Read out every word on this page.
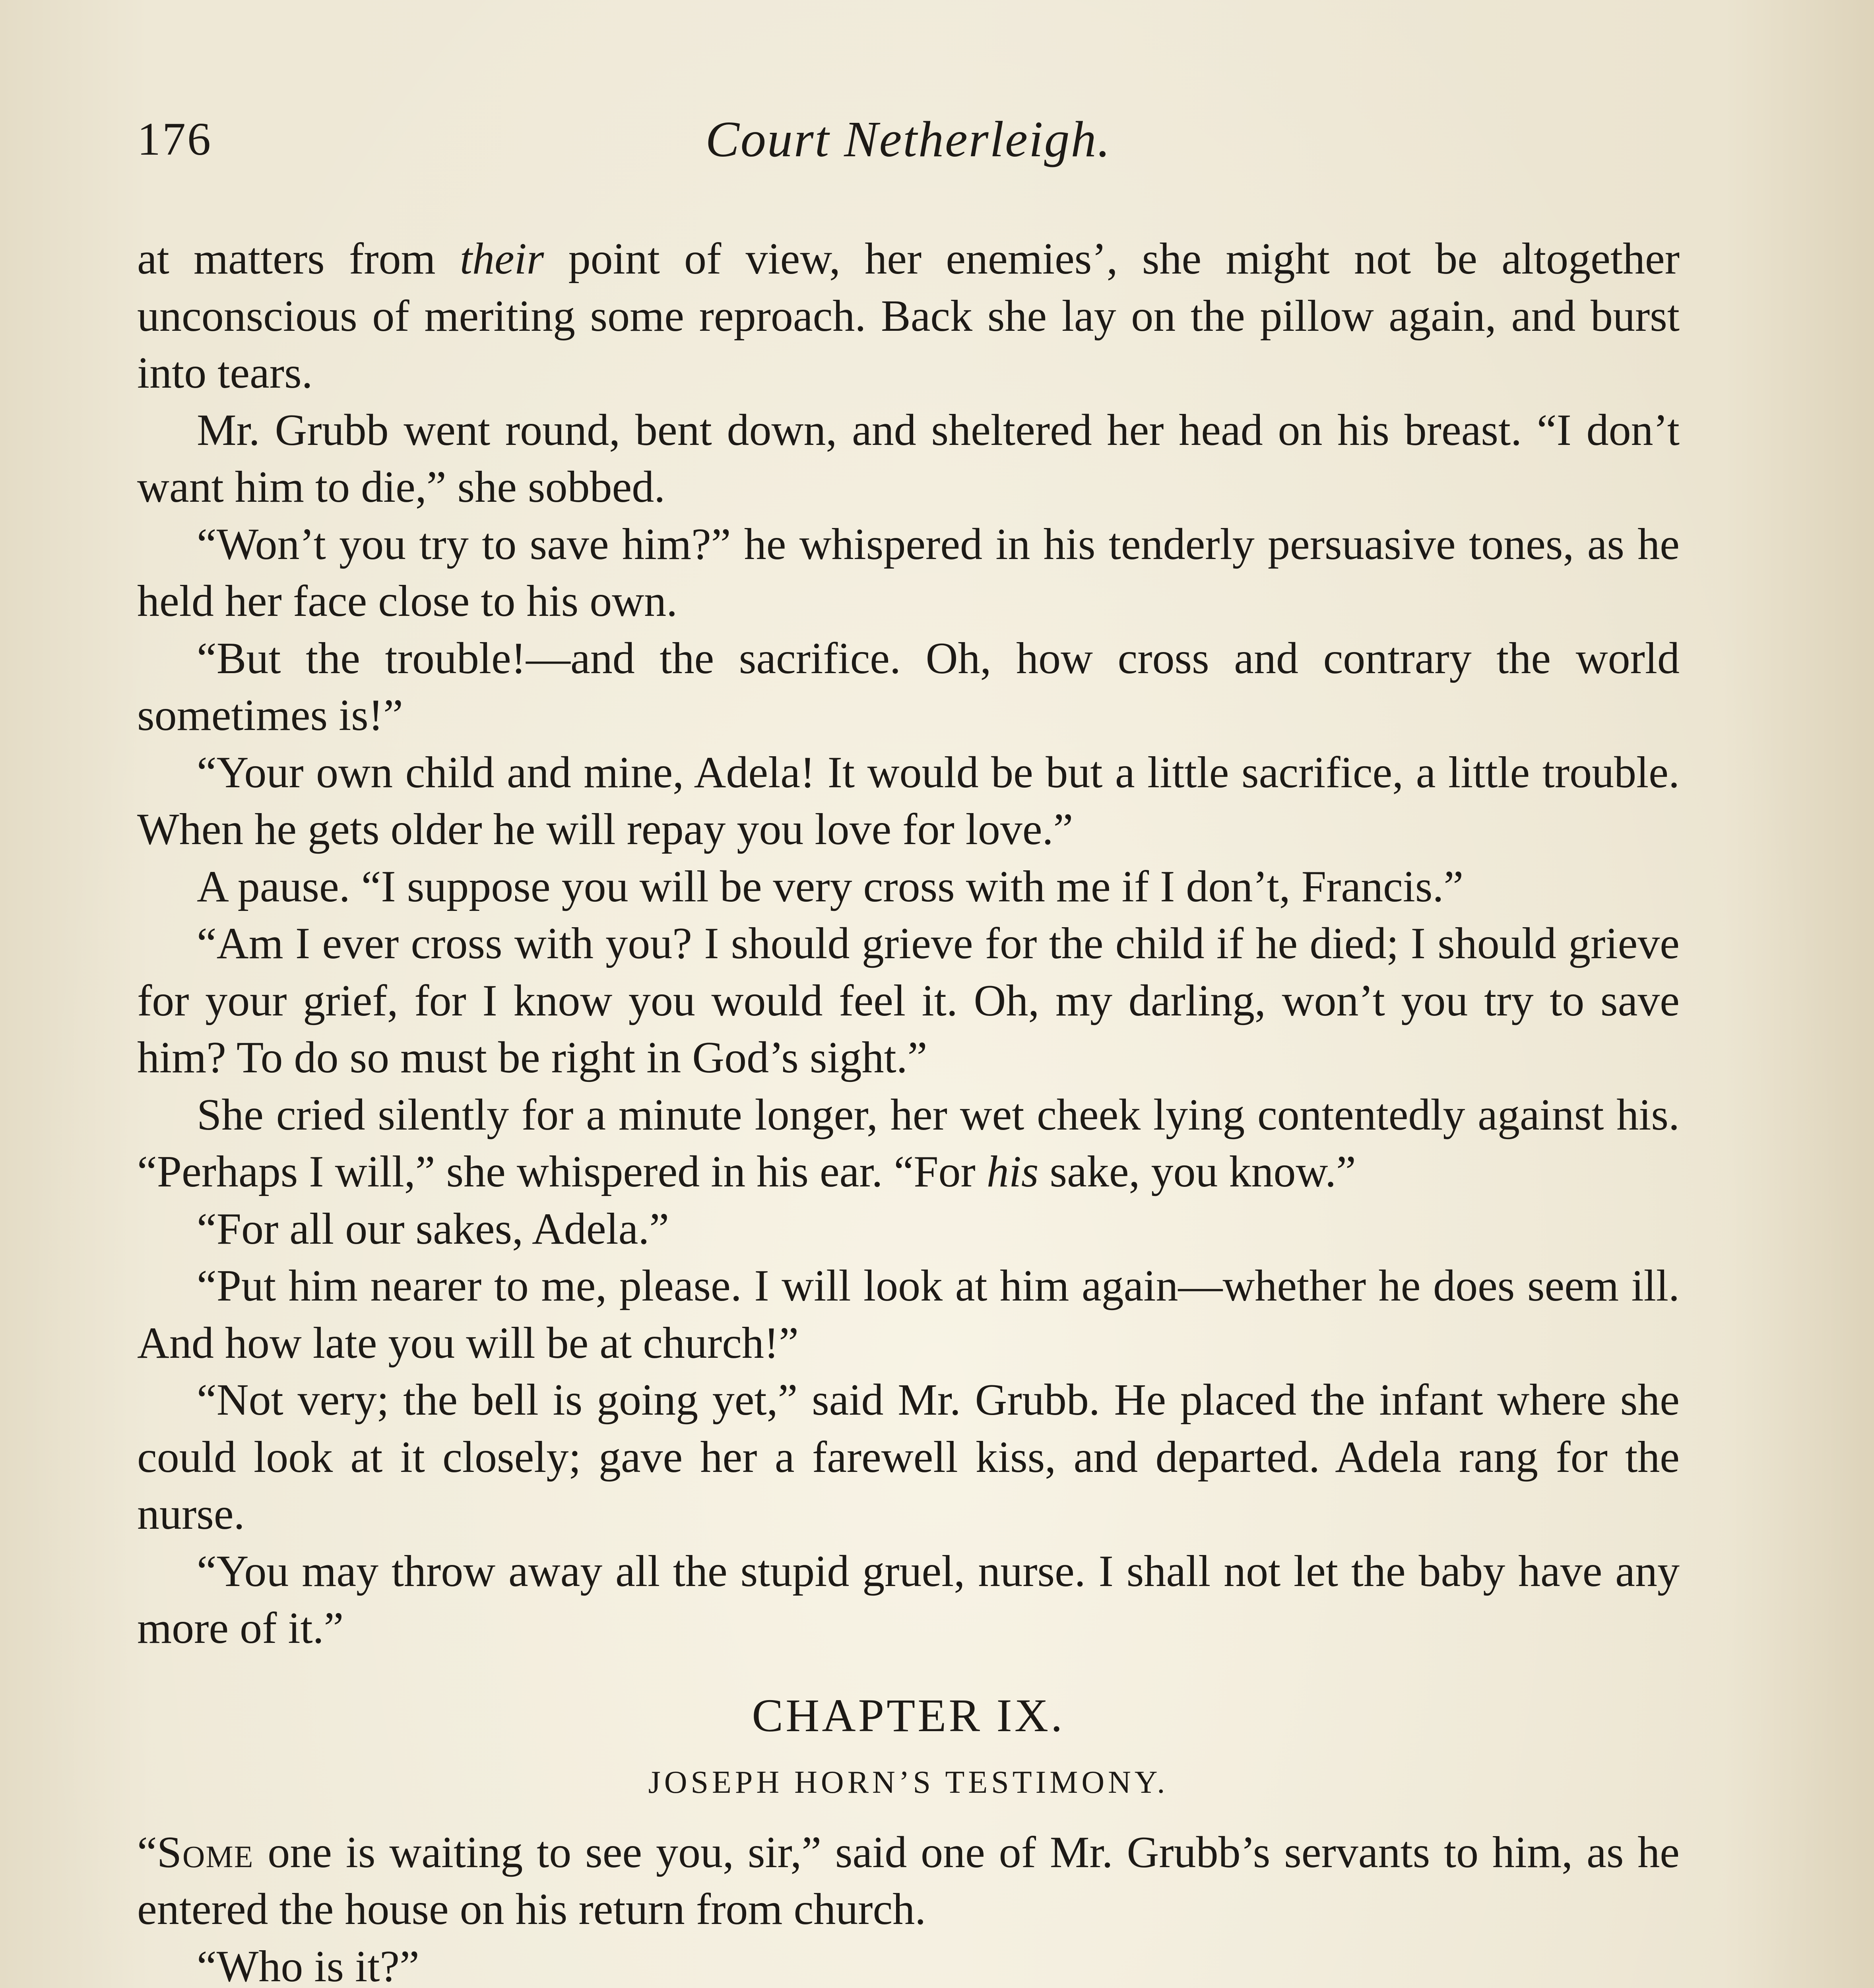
176	Court Netherleigh.

at matters from their point of view, her enemies’, she might not be altogether unconscious of meriting some reproach. Back she lay on the pillow again, and burst into tears.

Mr. Grubb went round, bent down, and sheltered her head on his breast. “I don’t want him to die,” she sobbed.

“Won’t you try to save him?” he whispered in his tenderly persuasive tones, as he held her face close to his own.

“But the trouble!—and the sacrifice. Oh, how cross and contrary the world sometimes is!”

“Your own child and mine, Adela! It would be but a little sacrifice, a little trouble. When he gets older he will repay you love for love.”

A pause. “I suppose you will be very cross with me if I don’t, Francis.”

“Am I ever cross with you? I should grieve for the child if he died; I should grieve for your grief, for I know you would feel it. Oh, my darling, won’t you try to save him? To do so must be right in God’s sight.”

She cried silently for a minute longer, her wet cheek lying contentedly against his. “Perhaps I will,” she whispered in his ear. “For his sake, you know.”

“For all our sakes, Adela.”

“Put him nearer to me, please. I will look at him again—whether he does seem ill. And how late you will be at church!”

“Not very; the bell is going yet,” said Mr. Grubb. He placed the infant where she could look at it closely; gave her a farewell kiss, and departed. Adela rang for the nurse.

“You may throw away all the stupid gruel, nurse. I shall not let the baby have any more of it.”

CHAPTER IX.
JOSEPH HORN’S TESTIMONY.

“Some one is waiting to see you, sir,” said one of Mr. Grubb’s servants to him, as he entered the house on his return from church.

“Who is it?”
